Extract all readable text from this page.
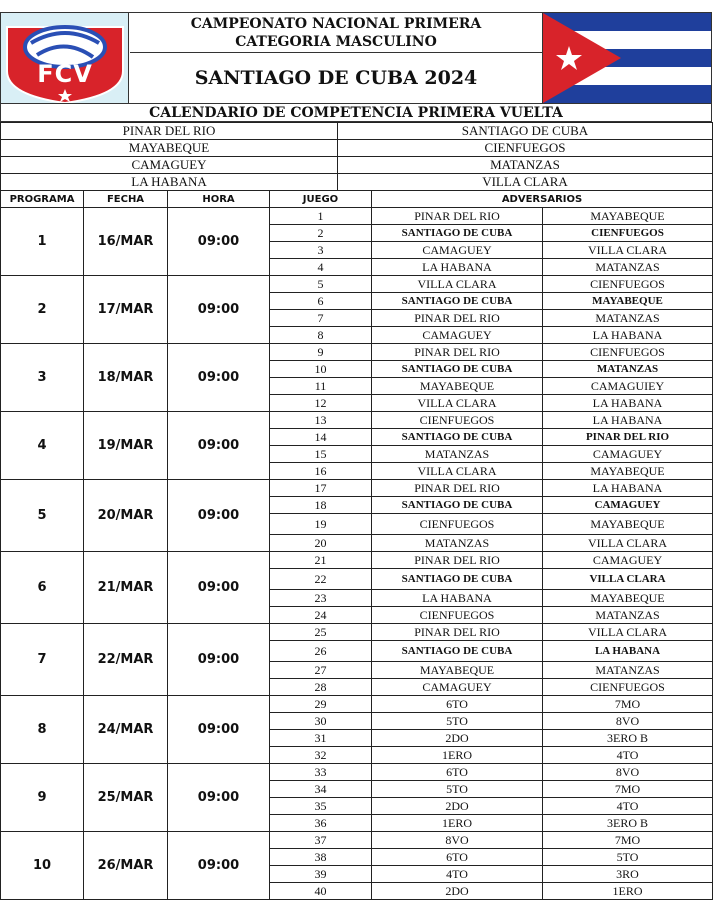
FCV
CAMPEONATO NACIONAL PRIMERA
CATEGORIA MASCULINO
SANTIAGO DE CUBA 2024
CALENDARIO DE COMPETENCIA PRIMERA VUELTA
PINAR DEL RIO	SANTIAGO DE CUBA
MAYABEQUE	CIENFUEGOS
CAMAGUEY	MATANZAS
LA HABANA	VILLA CLARA
PROGRAMA	FECHA	HORA	JUEGO	ADVERSARIOS	
1	16/MAR	09:00	1	PINAR DEL RIO	MAYABEQUE
			2	SANTIAGO DE CUBA	CIENFUEGOS
			3	CAMAGUEY	VILLA CLARA
			4	LA HABANA	MATANZAS
2	17/MAR	09:00	5	VILLA CLARA	CIENFUEGOS
			6	SANTIAGO DE CUBA	MAYABEQUE
			7	PINAR DEL RIO	MATANZAS
			8	CAMAGUEY	LA HABANA
3	18/MAR	09:00	9	PINAR DEL RIO	CIENFUEGOS
			10	SANTIAGO DE CUBA	MATANZAS
			11	MAYABEQUE	CAMAGUIEY
			12	VILLA CLARA	LA HABANA
4	19/MAR	09:00	13	CIENFUEGOS	LA HABANA
			14	SANTIAGO DE CUBA	PINAR DEL RIO
			15	MATANZAS	CAMAGUEY
			16	VILLA CLARA	MAYABEQUE
5	20/MAR	09:00	17	PINAR DEL RIO	LA HABANA
			18	SANTIAGO DE CUBA	CAMAGUEY
			19	CIENFUEGOS	MAYABEQUE
			20	MATANZAS	VILLA CLARA
6	21/MAR	09:00	21	PINAR DEL RIO	CAMAGUEY
			22	SANTIAGO DE CUBA	VILLA CLARA
			23	LA HABANA	MAYABEQUE
			24	CIENFUEGOS	MATANZAS
7	22/MAR	09:00	25	PINAR DEL RIO	VILLA CLARA
			26	SANTIAGO DE CUBA	LA HABANA
			27	MAYABEQUE	MATANZAS
			28	CAMAGUEY	CIENFUEGOS
8	24/MAR	09:00	29	6TO	7MO
			30	5TO	8VO
			31	2DO	3ERO B
			32	1ERO	4TO
9	25/MAR	09:00	33	6TO	8VO
			34	5TO	7MO
			35	2DO	4TO
			36	1ERO	3ERO B
10	26/MAR	09:00	37	8VO	7MO
			38	6TO	5TO
			39	4TO	3RO
			40	2DO	1ERO
